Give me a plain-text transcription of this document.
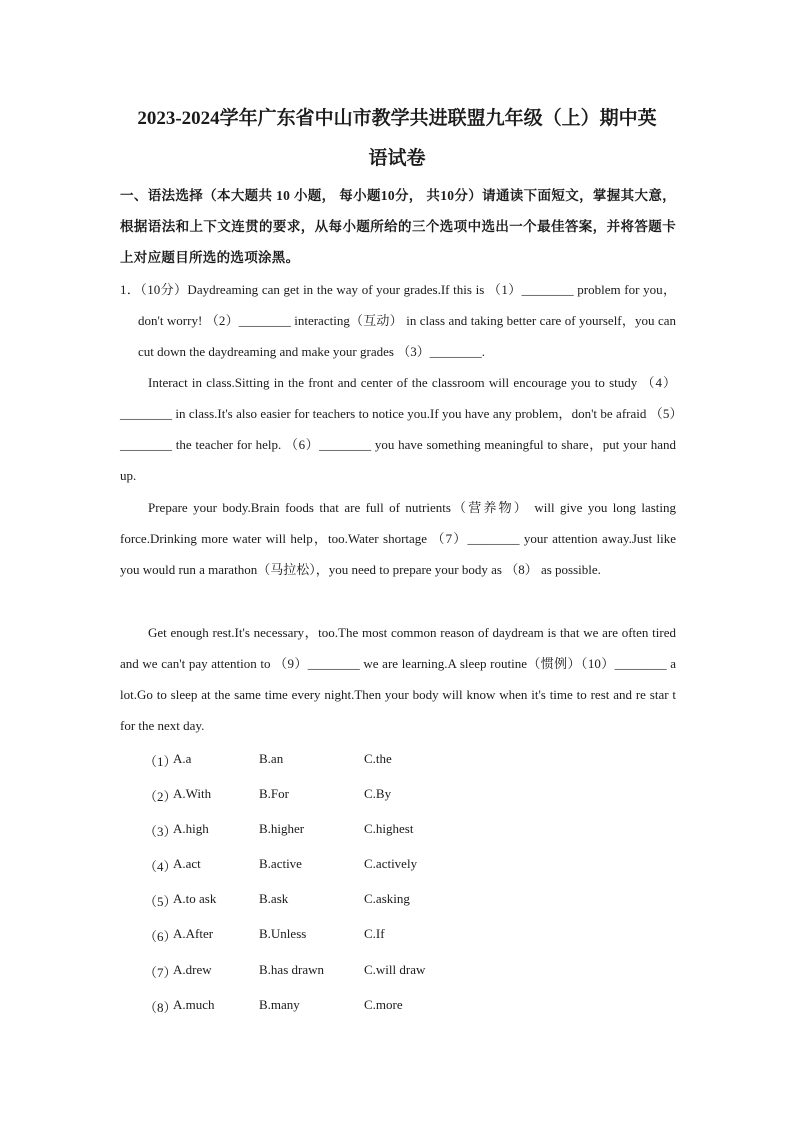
2023-2024学年广东省中山市教学共进联盟九年级（上）期中英
语试卷
一、语法选择（本大题共 10 小题， 每小题10分， 共10分）请通读下面短文，掌握其大意，根据语法和上下文连贯的要求，从每小题所给的三个选项中选出一个最佳答案，并将答题卡上对应题目所选的选项涂黑。
1．（10分）Daydreaming can get in the way of your grades.If this is （1）________ problem for you，don't worry! （2）________ interacting（互动） in class and taking better care of yourself，you can cut down the daydreaming and make your grades （3）________.
Interact in class.Sitting in the front and center of the classroom will encourage you to study （4）________ in class.It's also easier for teachers to notice you.If you have any problem，don't be afraid （5）________ the teacher for help. （6）________ you have something meaningful to share，put your hand up.
Prepare your body.Brain foods that are full of nutrients（营养物） will give you long lasting force.Drinking more water will help，too.Water shortage （7）________ your attention away.Just like you would run a marathon（马拉松），you need to prepare your body as （8） as possible.
Get enough rest.It's necessary，too.The most common reason of daydream is that we are often tired and we can't pay attention to （9）________ we are learning.A sleep routine（惯例）（10）________ a lot.Go to sleep at the same time every night.Then your body will know when it's time to rest and re star t for the next day.
（1）
A.a	B.an	C.the
（2）
A.With	B.For	C.By
（3）
A.high	B.higher	C.highest
（4）
A.act	B.active	C.actively
（5）
A.to ask	B.ask	C.asking
（6）
A.After	B.Unless	C.If
（7）
A.drew	B.has drawn	C.will draw
（8）
A.much	B.many	C.more
